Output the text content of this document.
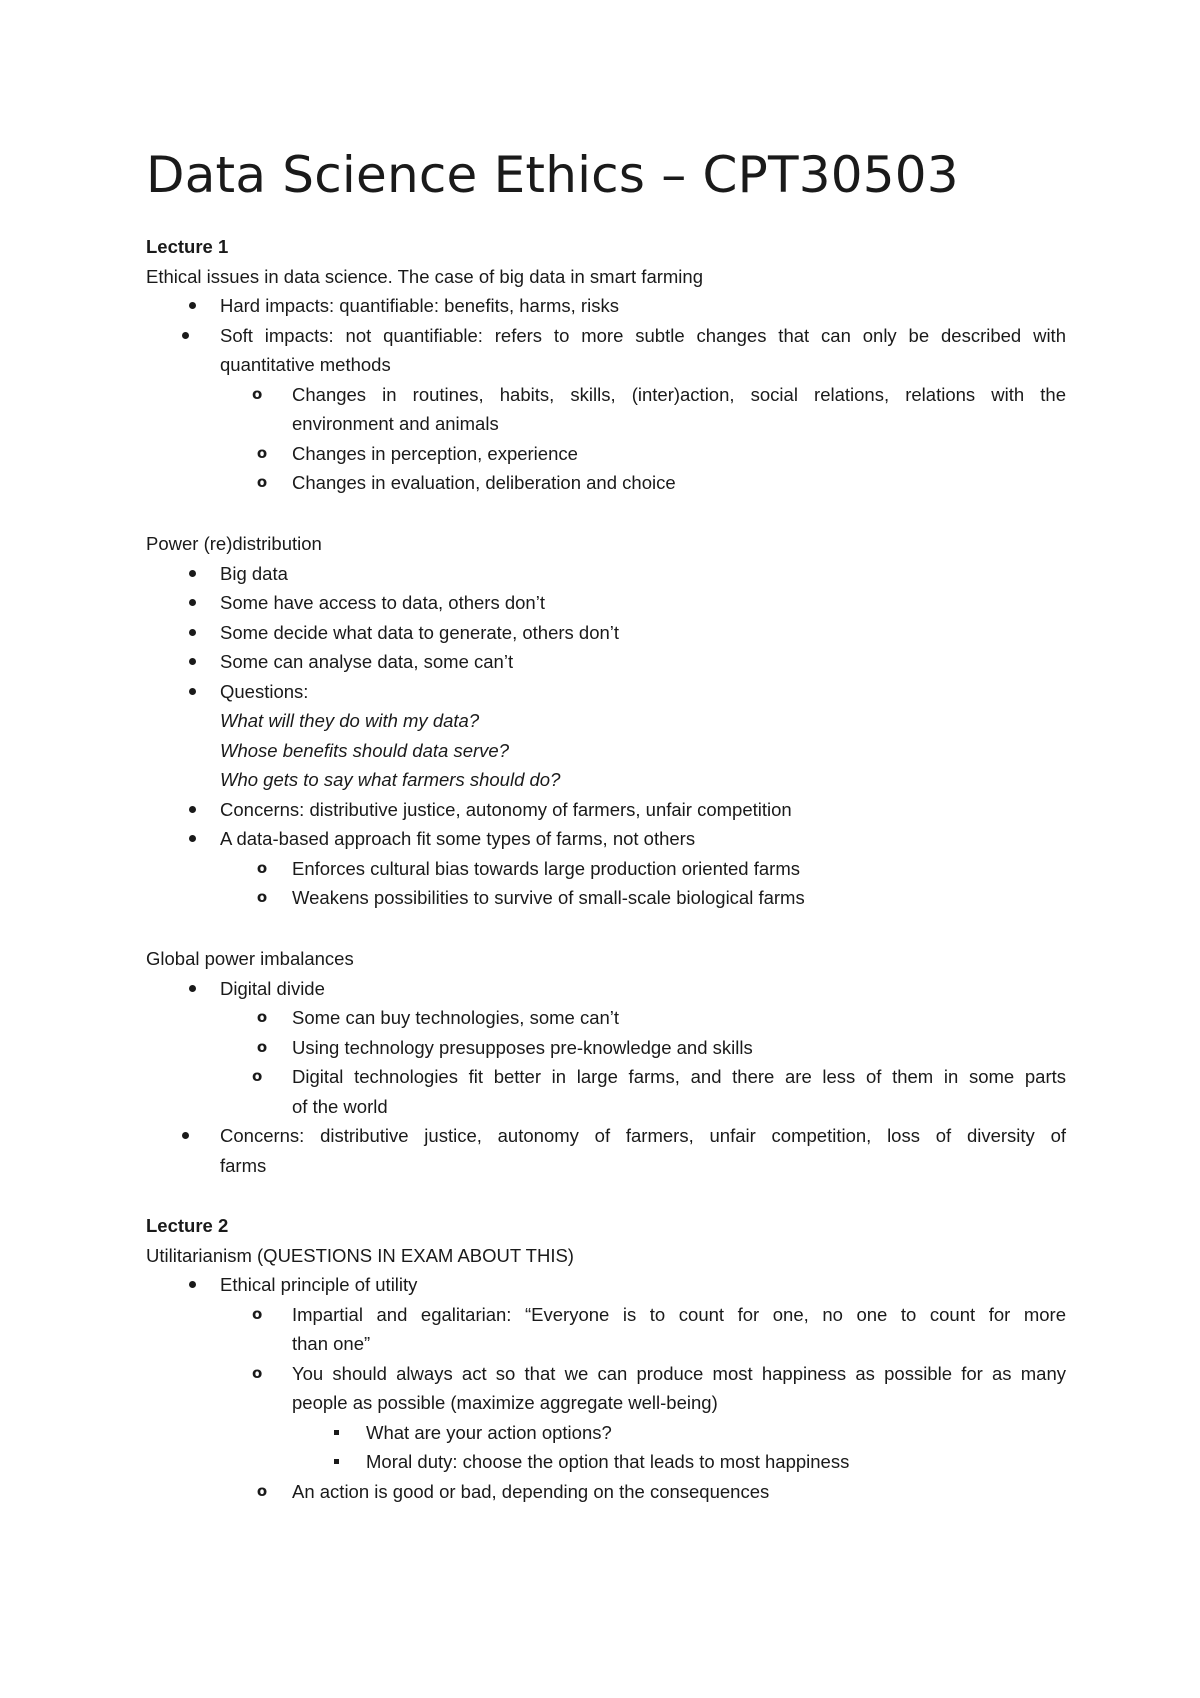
Data Science Ethics – CPT30503
Lecture 1
Ethical issues in data science. The case of big data in smart farming
Hard impacts: quantifiable: benefits, harms, risks
Soft impacts: not quantifiable: refers to more subtle changes that can only be described with
quantitative methods
o	Changes in routines, habits, skills, (inter)action, social relations, relations with the
environment and animals
o Changes in perception, experience
o Changes in evaluation, deliberation and choice
Power (re)distribution
Big data
Some have access to data, others don’t
Some decide what data to generate, others don’t
Some can analyse data, some can’t
Questions:
What will they do with my data?
Whose benefits should data serve?
Who gets to say what farmers should do?
Concerns: distributive justice, autonomy of farmers, unfair competition
A data-based approach fit some types of farms, not others
o Enforces cultural bias towards large production oriented farms
o Weakens possibilities to survive of small-scale biological farms
Global power imbalances
Digital divide
o Some can buy technologies, some can’t
o Using technology presupposes pre-knowledge and skills
o	Digital technologies fit better in large farms, and there are less of them in some parts
of the world
Concerns: distributive justice, autonomy of farmers, unfair competition, loss of diversity of
farms
Lecture 2
Utilitarianism (QUESTIONS IN EXAM ABOUT THIS)
Ethical principle of utility
o	Impartial and egalitarian: “Everyone is to count for one, no one to count for more
than one”
o	You should always act so that we can produce most happiness as possible for as many
people as possible (maximize aggregate well-being)
What are your action options?
Moral duty: choose the option that leads to most happiness
o An action is good or bad, depending on the consequences
